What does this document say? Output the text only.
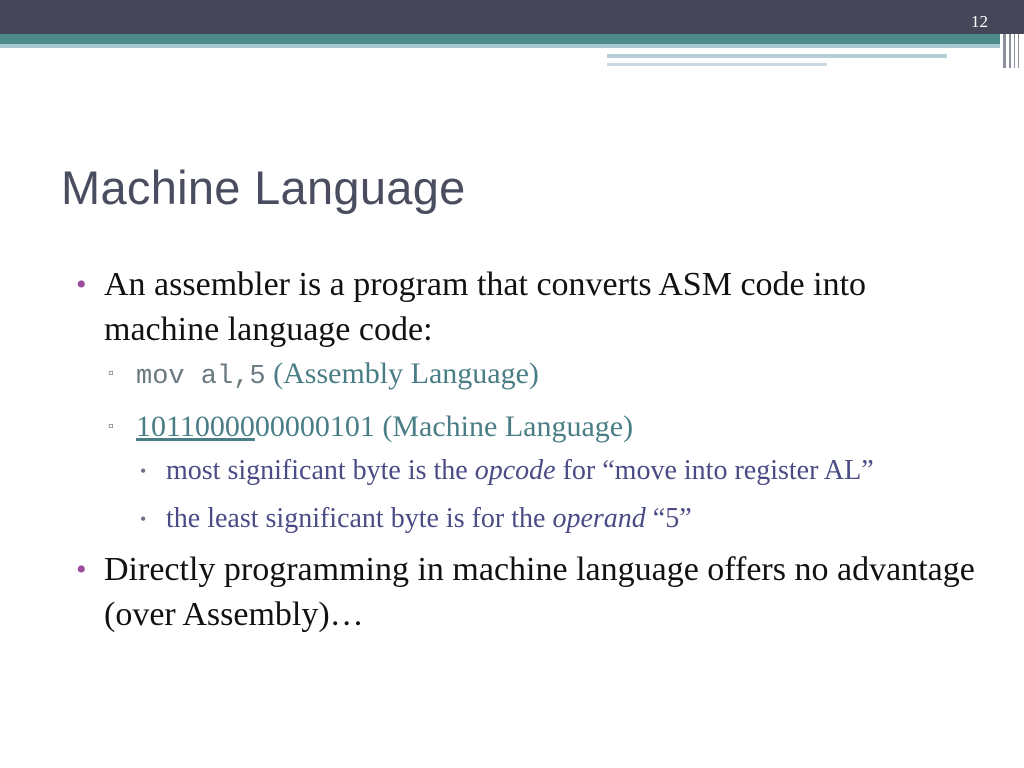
12
Machine Language
• An assembler is a program that converts ASM code into machine language code:
▫ mov al,5 (Assembly Language)
▫ 1011000000000101 (Machine Language)
• most significant byte is the opcode for “move into register AL”
• the least significant byte is for the operand “5”
• Directly programming in machine language offers no advantage (over Assembly)…
